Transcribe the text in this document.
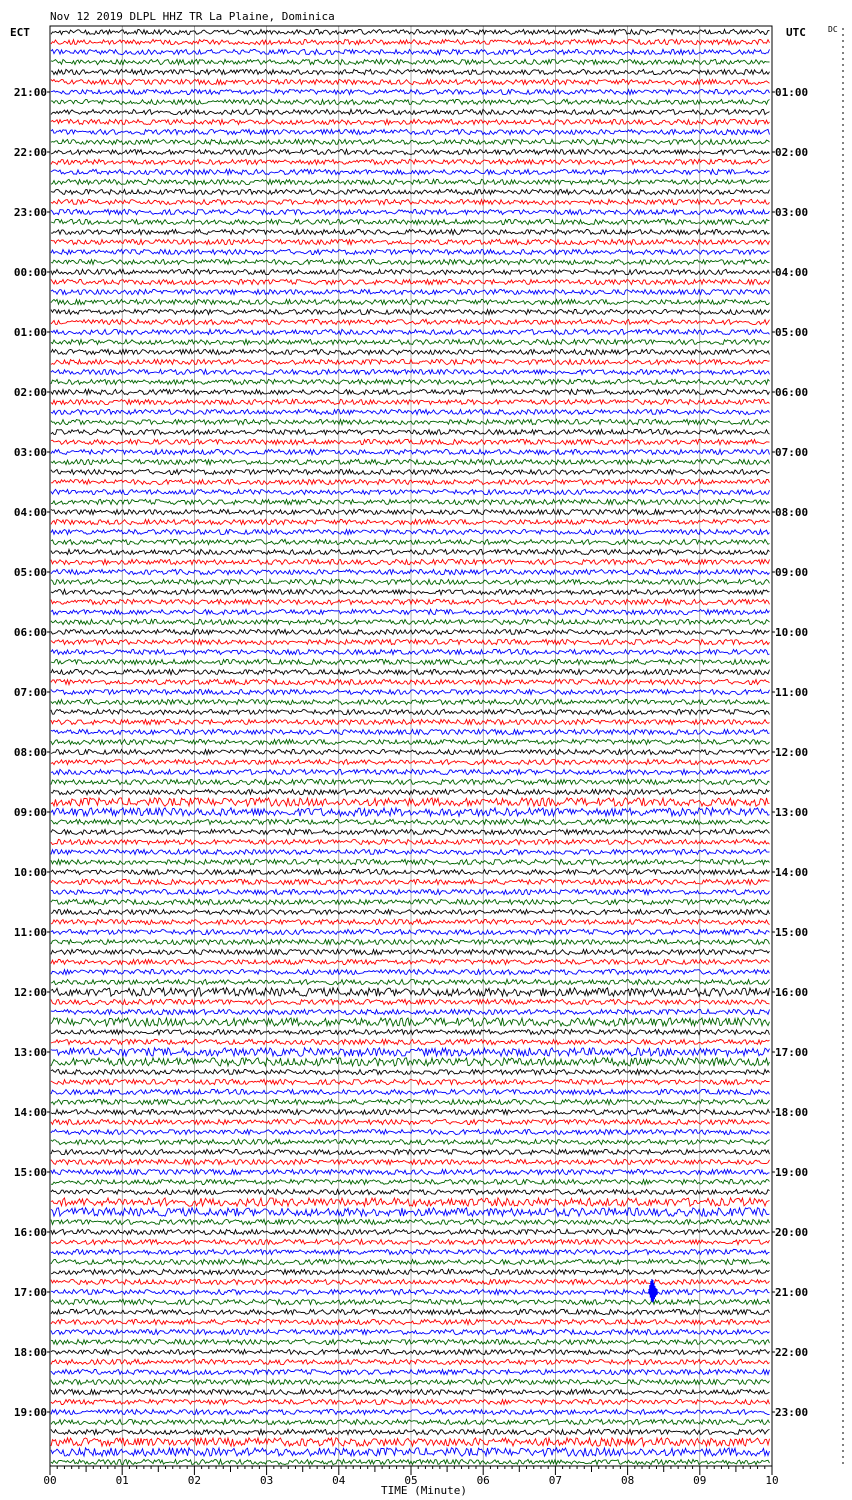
Nov 12 2019 DLPL HHZ TR La Plaine, Dominica
ECT	UTC	DC
21:00
22:00
23:00
00:00
01:00
02:00
03:00
04:00
05:00
06:00
07:00
08:00
09:00
10:00
11:00
12:00
13:00
14:00
15:00
16:00
17:00
18:00
19:00
01:00
02:00
03:00
04:00
05:00
06:00
07:00
08:00
09:00
10:00
11:00
12:00
13:00
14:00
15:00
16:00
17:00
18:00
19:00
20:00
21:00
22:00
23:00
00	01	02	03	04	05	06	07	08	09	10
TIME (Minute)
